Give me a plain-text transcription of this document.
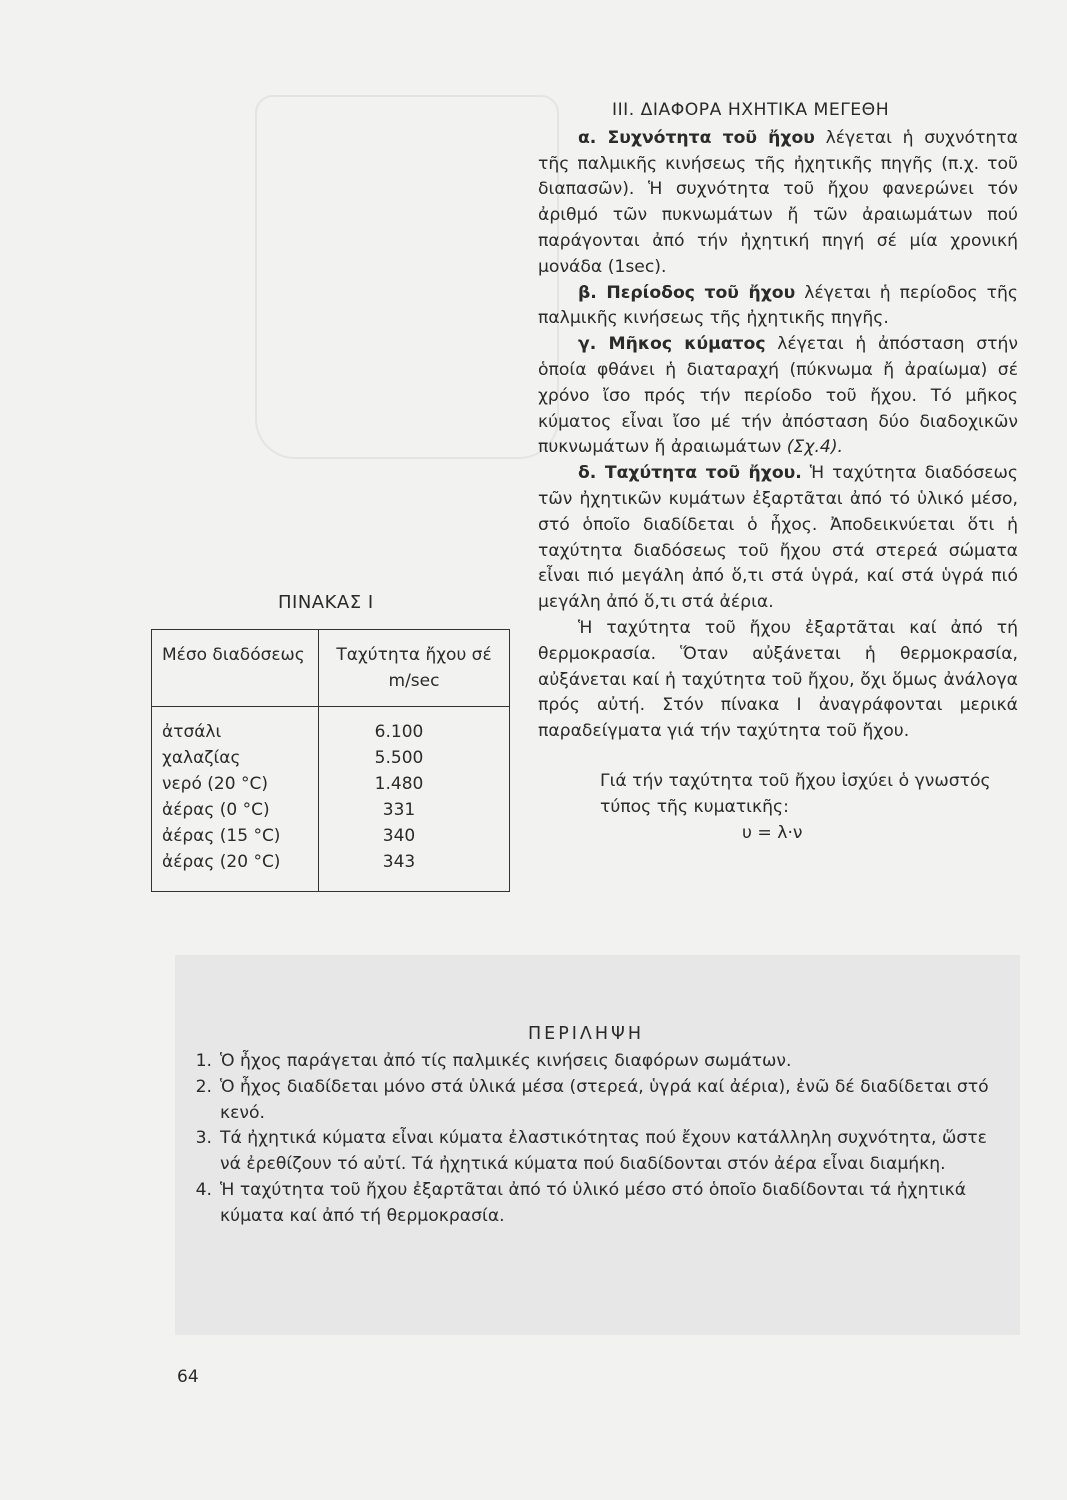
III. ΔΙΑΦΟΡΑ ΗΧΗΤΙΚΑ ΜΕΓΕΘΗ

α. Συχνότητα τοῦ ἤχου λέγεται ἡ συχνότητα τῆς παλμικῆς κινήσεως τῆς ἠχητικῆς πηγῆς (π.χ. τοῦ διαπασῶν). Ἡ συχνότητα τοῦ ἤχου φανερώνει τόν ἀριθμό τῶν πυκνωμάτων ἤ τῶν ἀραιωμάτων πού παράγονται ἀπό τήν ἠχητική πηγή σέ μία χρονική μονάδα (1sec).

β. Περίοδος τοῦ ἤχου λέγεται ἡ περίοδος τῆς παλμικῆς κινήσεως τῆς ἠχητικῆς πηγῆς.

γ. Μῆκος κύματος λέγεται ἡ ἀπόσταση στήν ὁποία φθάνει ἡ διαταραχή (πύκνωμα ἤ ἀραίωμα) σέ χρόνο ἴσο πρός τήν περίοδο τοῦ ἤχου. Τό μῆκος κύματος εἶναι ἴσο μέ τήν ἀπόσταση δύο διαδοχικῶν πυκνωμάτων ἤ ἀραιωμάτων (Σχ.4).

δ. Ταχύτητα τοῦ ἤχου. Ἡ ταχύτητα διαδόσεως τῶν ἠχητικῶν κυμάτων ἐξαρτᾶται ἀπό τό ὑλικό μέσο, στό ὁποῖο διαδίδεται ὁ ἦχος. Ἀποδεικνύεται ὅτι ἡ ταχύτητα διαδόσεως τοῦ ἤχου στά στερεά σώματα εἶναι πιό μεγάλη ἀπό ὅ,τι στά ὑγρά, καί στά ὑγρά πιό μεγάλη ἀπό ὅ,τι στά ἀέρια.

Ἡ ταχύτητα τοῦ ἤχου ἐξαρτᾶται καί ἀπό τή θερμοκρασία. Ὅταν αὐξάνεται ἡ θερμοκρασία, αὐξάνεται καί ἡ ταχύτητα τοῦ ἤχου, ὄχι ὅμως ἀνάλογα πρός αὐτή. Στόν πίνακα Ι ἀναγράφονται μερικά παραδείγματα γιά τήν ταχύτητα τοῦ ἤχου.

Γιά τήν ταχύτητα τοῦ ἤχου ἰσχύει ὁ γνωστός τύπος τῆς κυματικῆς:

υ = λ·ν

ΠΙΝΑΚΑΣ Ι
Μέσο διαδόσεως	Ταχύτητα ἤχου σέ m/sec
ἀτσάλι	6.100
χαλαζίας	5.500
νερό (20 °C)	1.480
ἀέρας (0 °C)	331
ἀέρας (15 °C)	340
ἀέρας (20 °C)	343
ΠΕΡΙΛΗΨΗ
1. Ὁ ἦχος παράγεται ἀπό τίς παλμικές κινήσεις διαφόρων σωμάτων.
2. Ὁ ἦχος διαδίδεται μόνο στά ὑλικά μέσα (στερεά, ὑγρά καί ἀέρια), ἐνῶ δέ διαδίδεται στό κενό.
3. Τά ἠχητικά κύματα εἶναι κύματα ἐλαστικότητας πού ἔχουν κατάλληλη συχνότητα, ὥστε νά ἐρεθίζουν τό αὐτί. Τά ἠχητικά κύματα πού διαδίδονται στόν ἀέρα εἶναι διαμήκη.
4. Ἡ ταχύτητα τοῦ ἤχου ἐξαρτᾶται ἀπό τό ὑλικό μέσο στό ὁποῖο διαδίδονται τά ἠχητικά κύματα καί ἀπό τή θερμοκρασία.
64
